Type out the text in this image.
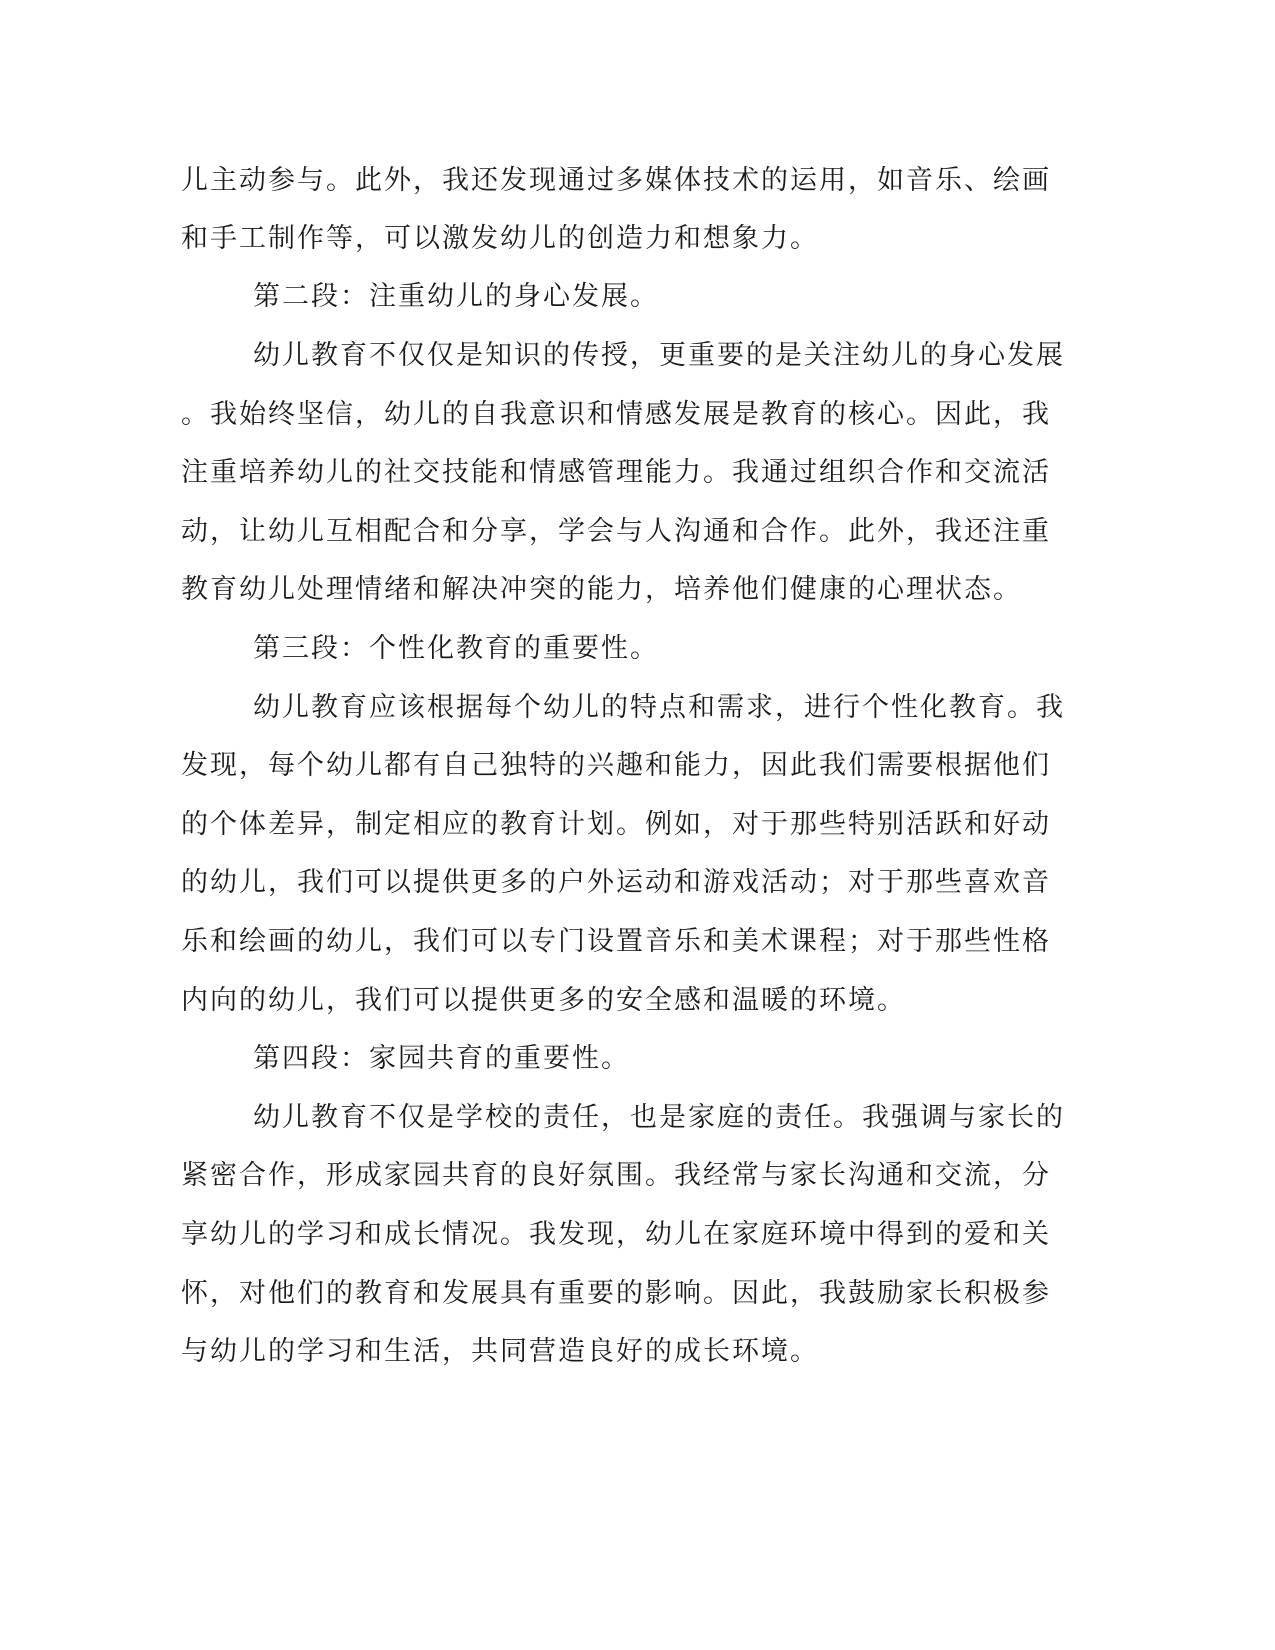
儿主动参与。此外，我还发现通过多媒体技术的运用，如音乐、绘画
和手工制作等，可以激发幼儿的创造力和想象力。
第二段：注重幼儿的身心发展。
幼儿教育不仅仅是知识的传授，更重要的是关注幼儿的身心发展
。我始终坚信，幼儿的自我意识和情感发展是教育的核心。因此，我
注重培养幼儿的社交技能和情感管理能力。我通过组织合作和交流活
动，让幼儿互相配合和分享，学会与人沟通和合作。此外，我还注重
教育幼儿处理情绪和解决冲突的能力，培养他们健康的心理状态。
第三段：个性化教育的重要性。
幼儿教育应该根据每个幼儿的特点和需求，进行个性化教育。我
发现，每个幼儿都有自己独特的兴趣和能力，因此我们需要根据他们
的个体差异，制定相应的教育计划。例如，对于那些特别活跃和好动
的幼儿，我们可以提供更多的户外运动和游戏活动；对于那些喜欢音
乐和绘画的幼儿，我们可以专门设置音乐和美术课程；对于那些性格
内向的幼儿，我们可以提供更多的安全感和温暖的环境。
第四段：家园共育的重要性。
幼儿教育不仅是学校的责任，也是家庭的责任。我强调与家长的
紧密合作，形成家园共育的良好氛围。我经常与家长沟通和交流，分
享幼儿的学习和成长情况。我发现，幼儿在家庭环境中得到的爱和关
怀，对他们的教育和发展具有重要的影响。因此，我鼓励家长积极参
与幼儿的学习和生活，共同营造良好的成长环境。
